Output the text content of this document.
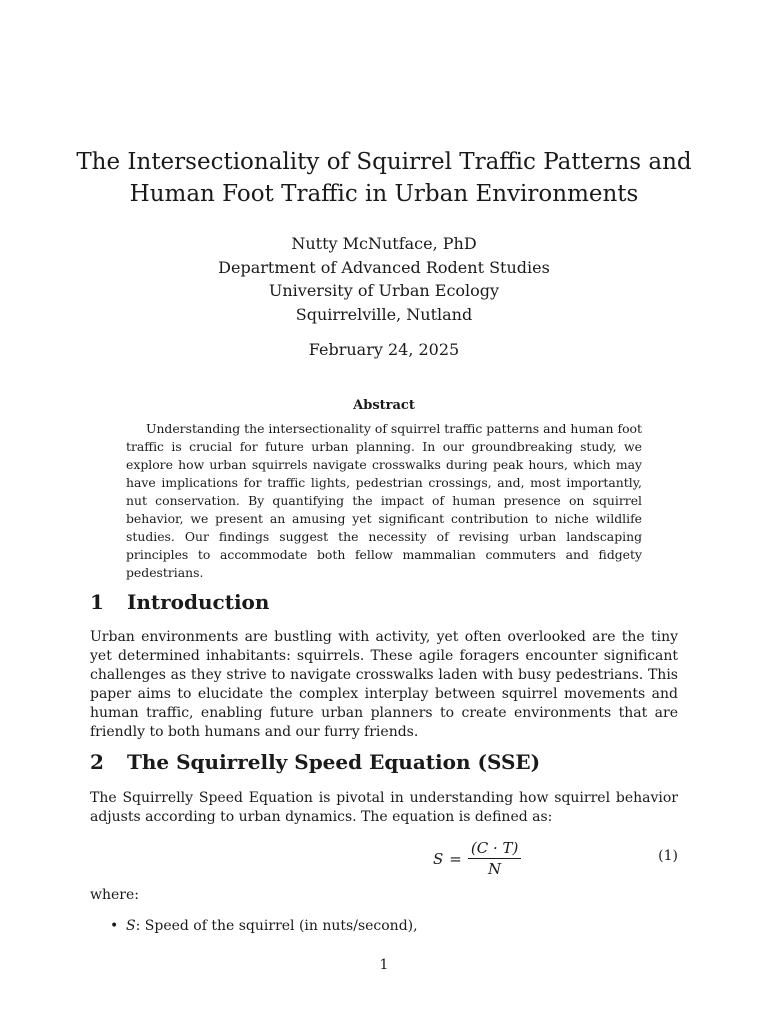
The Intersectionality of Squirrel Traffic Patterns and
Human Foot Traffic in Urban Environments
Nutty McNutface, PhD
Department of Advanced Rodent Studies
University of Urban Ecology
Squirrelville, Nutland
February 24, 2025
Abstract

Understanding the intersectionality of squirrel traffic patterns and human foot traffic is crucial for future urban planning. In our groundbreaking study, we explore how urban squirrels navigate crosswalks during peak hours, which may have implications for traffic lights, pedestrian crossings, and, most importantly, nut conservation. By quantifying the impact of human presence on squirrel behavior, we present an amusing yet significant contribution to niche wildlife studies. Our findings suggest the necessity of revising urban landscaping principles to accommodate both fellow mammalian commuters and fidgety pedestrians.

1 Introduction

Urban environments are bustling with activity, yet often overlooked are the tiny yet determined inhabitants: squirrels. These agile foragers encounter significant challenges as they strive to navigate crosswalks laden with busy pedestrians. This paper aims to elucidate the complex interplay between squirrel movements and human traffic, enabling future urban planners to create environments that are friendly to both humans and our furry friends.

2 The Squirrelly Speed Equation (SSE)

The Squirrelly Speed Equation is pivotal in understanding how squirrel behavior adjusts according to urban dynamics. The equation is defined as:

$S = \frac{(C \cdot T)}{N}$	(1)

where:

• S: Speed of the squirrel (in nuts/second),
1
